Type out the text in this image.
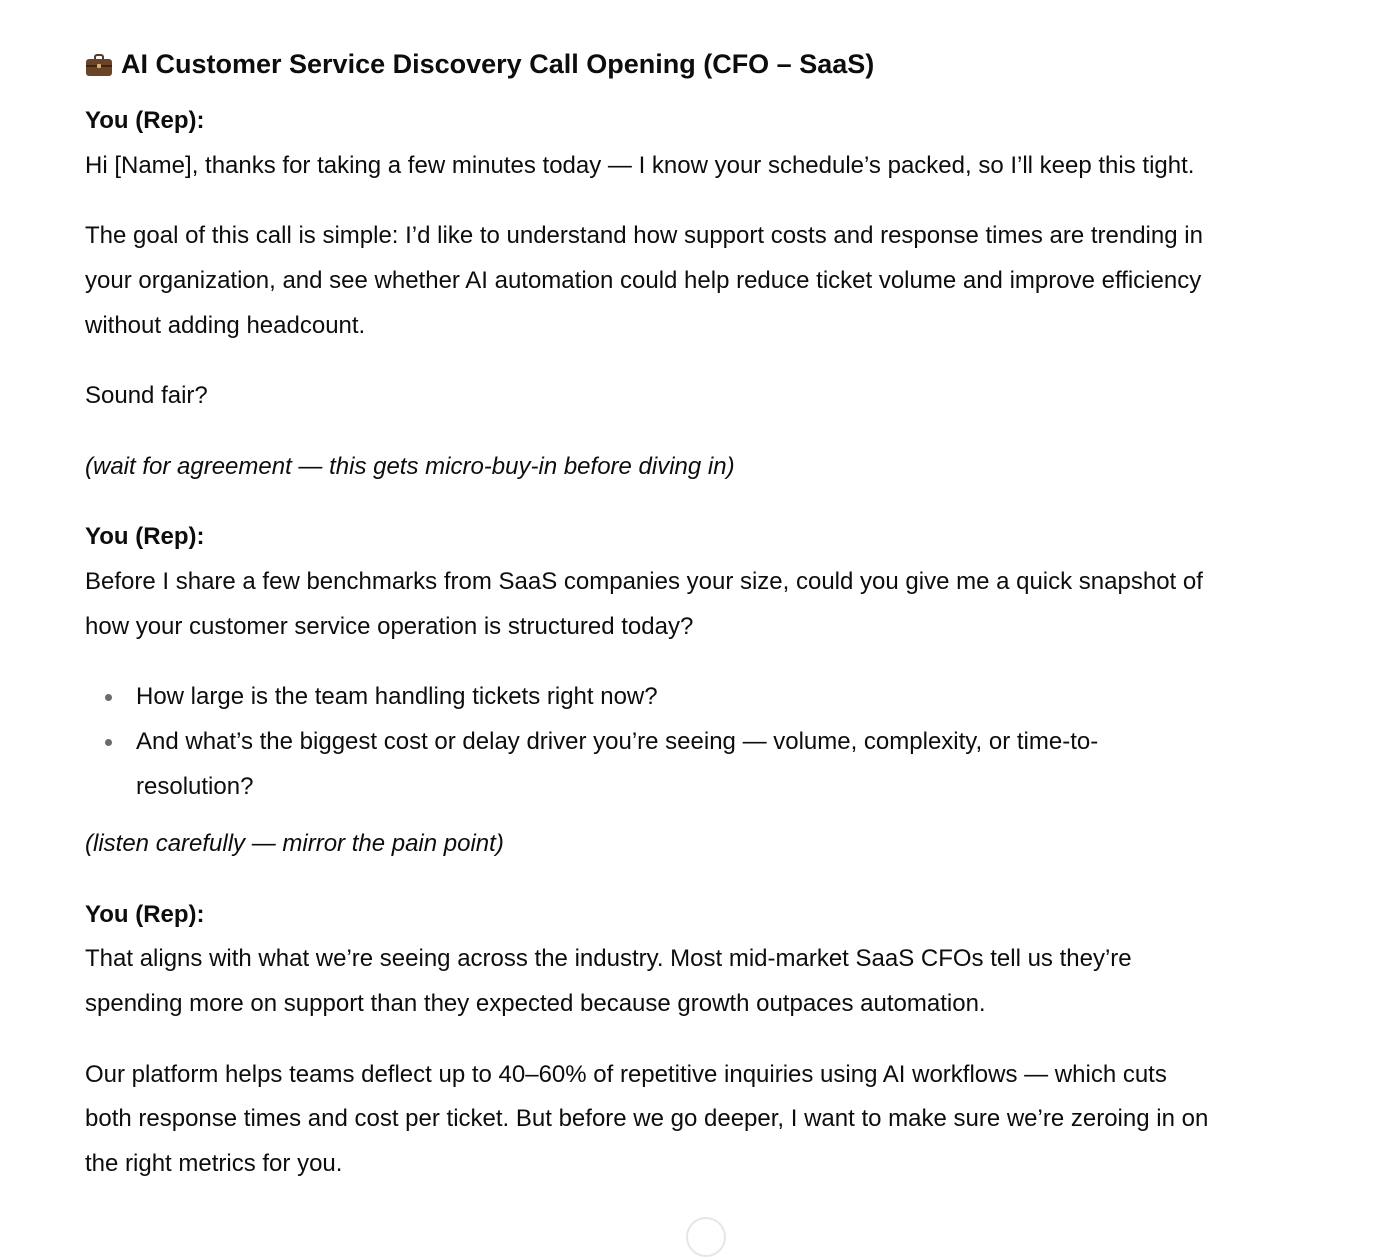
AI Customer Service Discovery Call Opening (CFO – SaaS)
You (Rep):
Hi [Name], thanks for taking a few minutes today — I know your schedule’s packed, so I’ll keep this tight.
The goal of this call is simple: I’d like to understand how support costs and response times are trending in
your organization, and see whether AI automation could help reduce ticket volume and improve efficiency
without adding headcount.
Sound fair?
(wait for agreement — this gets micro-buy-in before diving in)
You (Rep):
Before I share a few benchmarks from SaaS companies your size, could you give me a quick snapshot of
how your customer service operation is structured today?
How large is the team handling tickets right now?
And what’s the biggest cost or delay driver you’re seeing — volume, complexity, or time-to-
resolution?
(listen carefully — mirror the pain point)
You (Rep):
That aligns with what we’re seeing across the industry. Most mid-market SaaS CFOs tell us they’re
spending more on support than they expected because growth outpaces automation.
Our platform helps teams deflect up to 40–60% of repetitive inquiries using AI workflows — which cuts
both response times and cost per ticket. But before we go deeper, I want to make sure we’re zeroing in on
the right metrics for you.
